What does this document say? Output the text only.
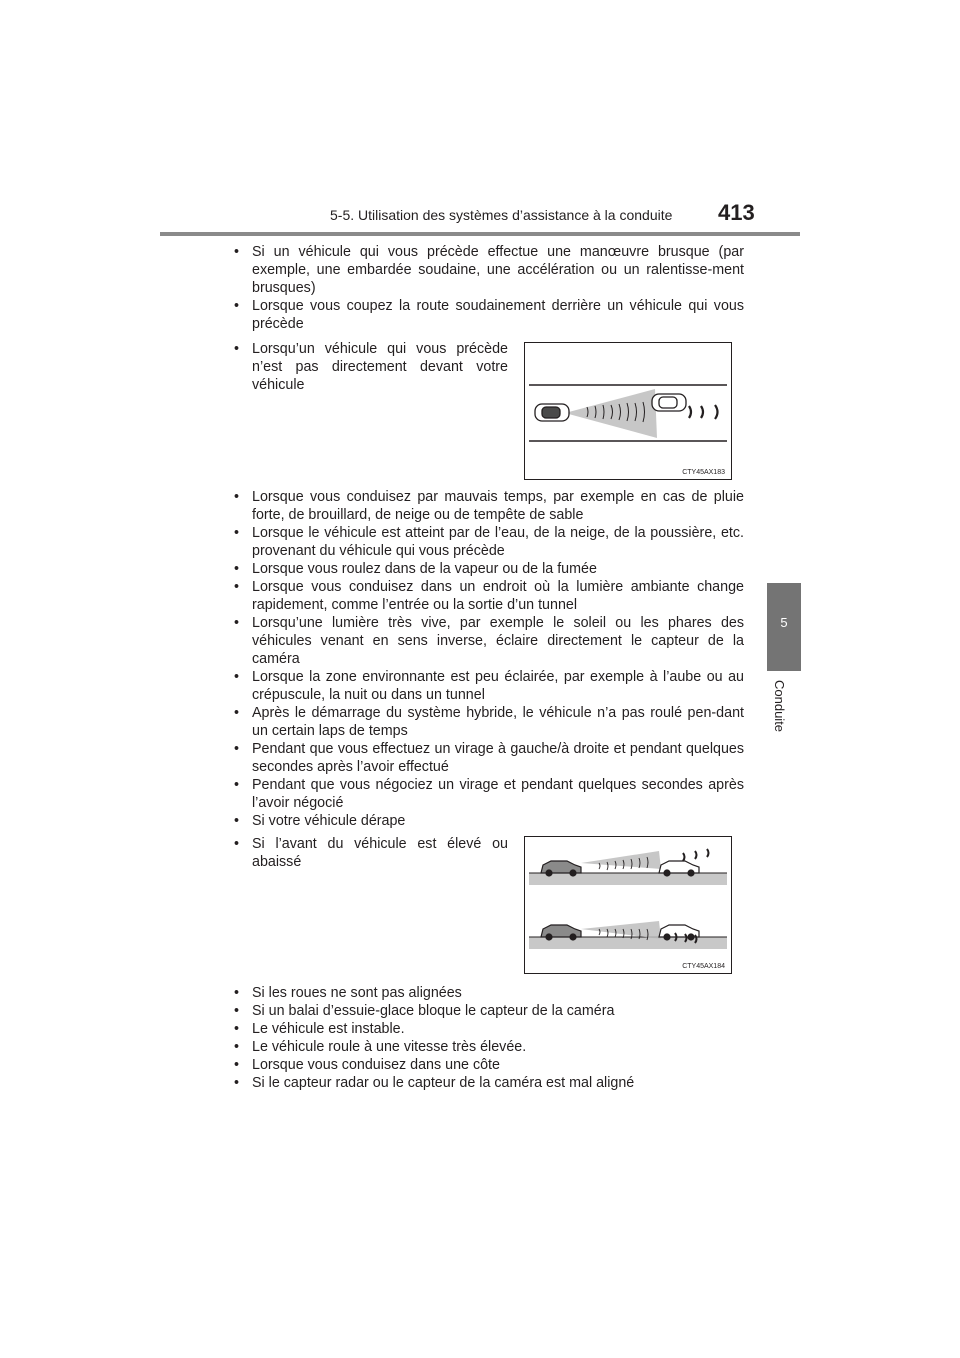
5-5. Utilisation des systèmes d’assistance à la conduite 413
5
Conduite
• Si un véhicule qui vous précède effectue une manœuvre brusque (par exemple, une embardée soudaine, une accélération ou un ralentisse-ment brusques)
• Lorsque vous coupez la route soudainement derrière un véhicule qui vous précède
• Lorsqu’un véhicule qui vous précède n’est pas directement devant votre véhicule
CTY45AX183
• Lorsque vous conduisez par mauvais temps, par exemple en cas de pluie forte, de brouillard, de neige ou de tempête de sable
• Lorsque le véhicule est atteint par de l’eau, de la neige, de la poussière, etc. provenant du véhicule qui vous précède
• Lorsque vous roulez dans de la vapeur ou de la fumée
• Lorsque vous conduisez dans un endroit où la lumière ambiante change rapidement, comme l’entrée ou la sortie d’un tunnel
• Lorsqu’une lumière très vive, par exemple le soleil ou les phares des véhicules venant en sens inverse, éclaire directement le capteur de la caméra
• Lorsque la zone environnante est peu éclairée, par exemple à l’aube ou au crépuscule, la nuit ou dans un tunnel
• Après le démarrage du système hybride, le véhicule n’a pas roulé pen-dant un certain laps de temps
• Pendant que vous effectuez un virage à gauche/à droite et pendant quelques secondes après l’avoir effectué
• Pendant que vous négociez un virage et pendant quelques secondes après l’avoir négocié
• Si votre véhicule dérape
• Si l’avant du véhicule est élevé ou abaissé
CTY45AX184
• Si les roues ne sont pas alignées
• Si un balai d’essuie-glace bloque le capteur de la caméra
• Le véhicule est instable.
• Le véhicule roule à une vitesse très élevée.
• Lorsque vous conduisez dans une côte
• Si le capteur radar ou le capteur de la caméra est mal aligné
